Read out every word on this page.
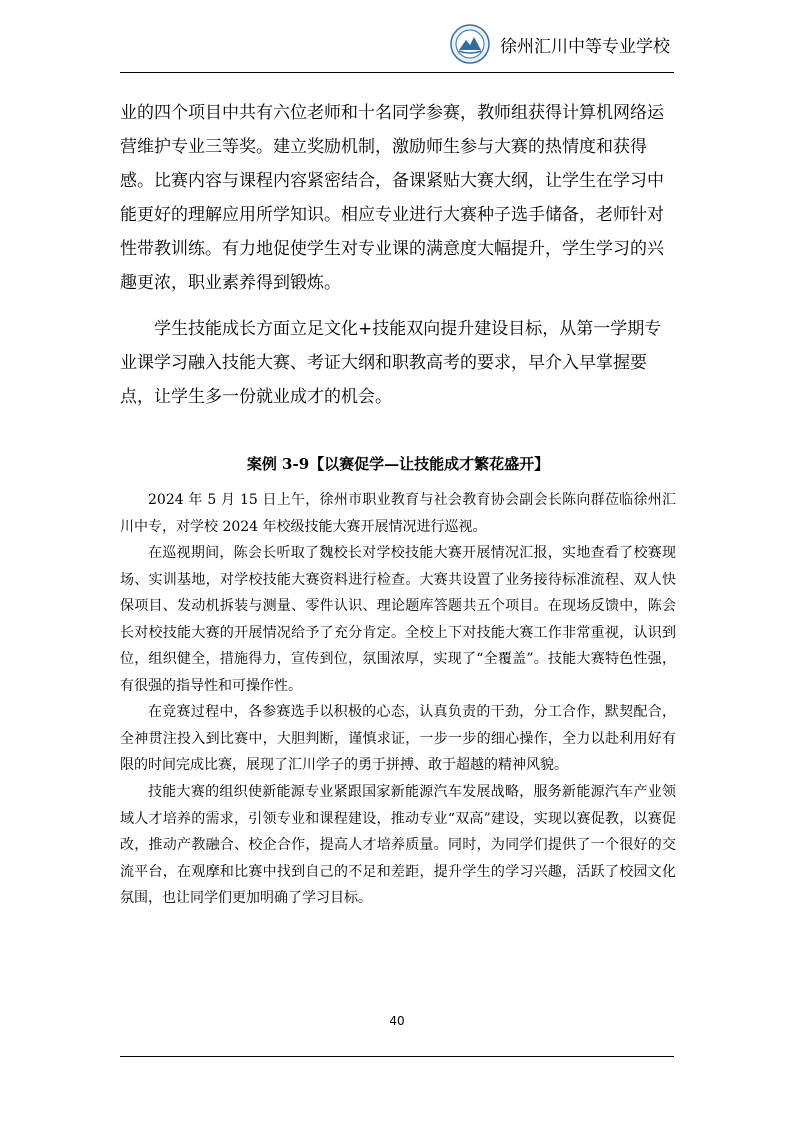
徐州汇川中等专业学校
业的四个项目中共有六位老师和十名同学参赛，教师组获得计算机网络运营维护专业三等奖。建立奖励机制，激励师生参与大赛的热情度和获得感。比赛内容与课程内容紧密结合，备课紧贴大赛大纲，让学生在学习中能更好的理解应用所学知识。相应专业进行大赛种子选手储备，老师针对性带教训练。有力地促使学生对专业课的满意度大幅提升，学生学习的兴趣更浓，职业素养得到锻炼。
学生技能成长方面立足文化+技能双向提升建设目标，从第一学期专业课学习融入技能大赛、考证大纲和职教高考的要求，早介入早掌握要点，让学生多一份就业成才的机会。
案例 3-9【以赛促学—让技能成才繁花盛开】
2024 年 5 月 15 日上午，徐州市职业教育与社会教育协会副会长陈向群莅临徐州汇川中专，对学校 2024 年校级技能大赛开展情况进行巡视。
在巡视期间，陈会长听取了魏校长对学校技能大赛开展情况汇报，实地查看了校赛现场、实训基地，对学校技能大赛资料进行检查。大赛共设置了业务接待标准流程、双人快保项目、发动机拆装与测量、零件认识、理论题库答题共五个项目。在现场反馈中，陈会长对校技能大赛的开展情况给予了充分肯定。全校上下对技能大赛工作非常重视，认识到位，组织健全，措施得力，宣传到位，氛围浓厚，实现了“全覆盖”。技能大赛特色性强，有很强的指导性和可操作性。
在竞赛过程中，各参赛选手以积极的心态，认真负责的干劲，分工合作，默契配合，全神贯注投入到比赛中，大胆判断，谨慎求证，一步一步的细心操作，全力以赴利用好有限的时间完成比赛，展现了汇川学子的勇于拼搏、敢于超越的精神风貌。
技能大赛的组织使新能源专业紧跟国家新能源汽车发展战略，服务新能源汽车产业领域人才培养的需求，引领专业和课程建设，推动专业“双高”建设，实现以赛促教，以赛促改，推动产教融合、校企合作，提高人才培养质量。同时，为同学们提供了一个很好的交流平台，在观摩和比赛中找到自己的不足和差距，提升学生的学习兴趣，活跃了校园文化氛围，也让同学们更加明确了学习目标。
40
